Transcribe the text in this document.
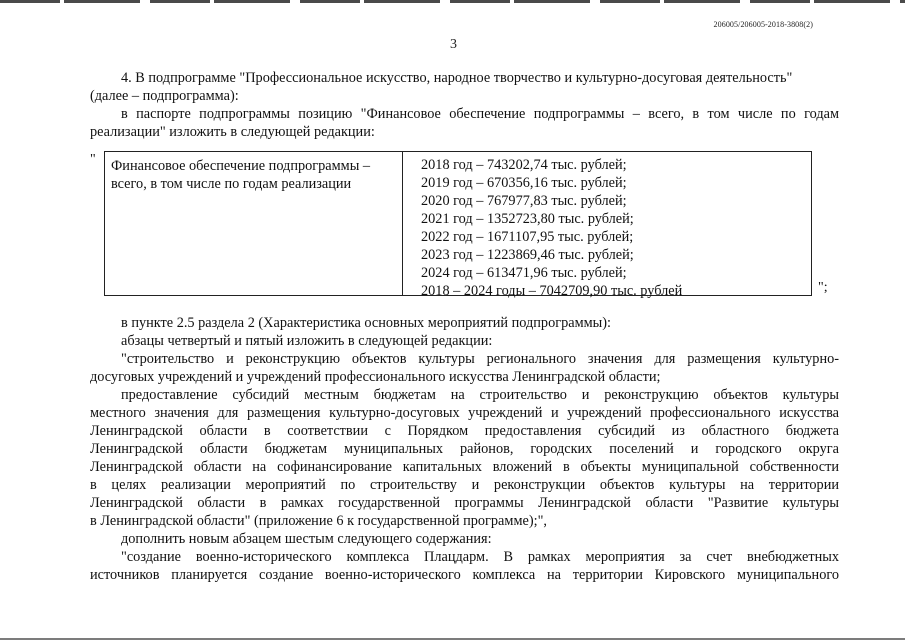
206005/206005-2018-3808(2)
3

4. В подпрограмме "Профессиональное искусство, народное творчество и культурно-досуговая деятельность"

(далее – подпрограмма):

в паспорте подпрограммы позицию "Финансовое обеспечение подпрограммы – всего, в том числе по годам

реализации" изложить в следующей редакции:

" Финансовое обеспечение подпрограммы –
всего, в том числе по годам реализации
2018 год – 743202,74 тыс. рублей;
2019 год – 670356,16 тыс. рублей;
2020 год – 767977,83 тыс. рублей;
2021 год – 1352723,80 тыс. рублей;
2022 год – 1671107,95 тыс. рублей;
2023 год – 1223869,46 тыс. рублей;
2024 год – 613471,96 тыс. рублей;
2018 – 2024 годы – 7042709,90 тыс. рублей	";

в пункте 2.5 раздела 2 (Характеристика основных мероприятий подпрограммы):

абзацы четвертый и пятый изложить в следующей редакции:

"строительство и реконструкцию объектов культуры регионального значения для размещения культурно-

досуговых учреждений и учреждений профессионального искусства Ленинградской области;

предоставление субсидий местным бюджетам на строительство и реконструкцию объектов культуры

местного значения для размещения культурно-досуговых учреждений и учреждений профессионального искусства

Ленинградской области в соответствии с Порядком предоставления субсидий из областного бюджета

Ленинградской области бюджетам муниципальных районов, городских поселений и городского округа

Ленинградской области на софинансирование капитальных вложений в объекты муниципальной собственности

в целях реализации мероприятий по строительству и реконструкции объектов культуры на территории

Ленинградской области в рамках государственной программы Ленинградской области "Развитие культуры

в Ленинградской области" (приложение 6 к государственной программе);",

дополнить новым абзацем шестым следующего содержания:

"создание военно-исторического комплекса Плацдарм. В рамках мероприятия за счет внебюджетных

источников планируется создание военно-исторического комплекса на территории Кировского муниципального
